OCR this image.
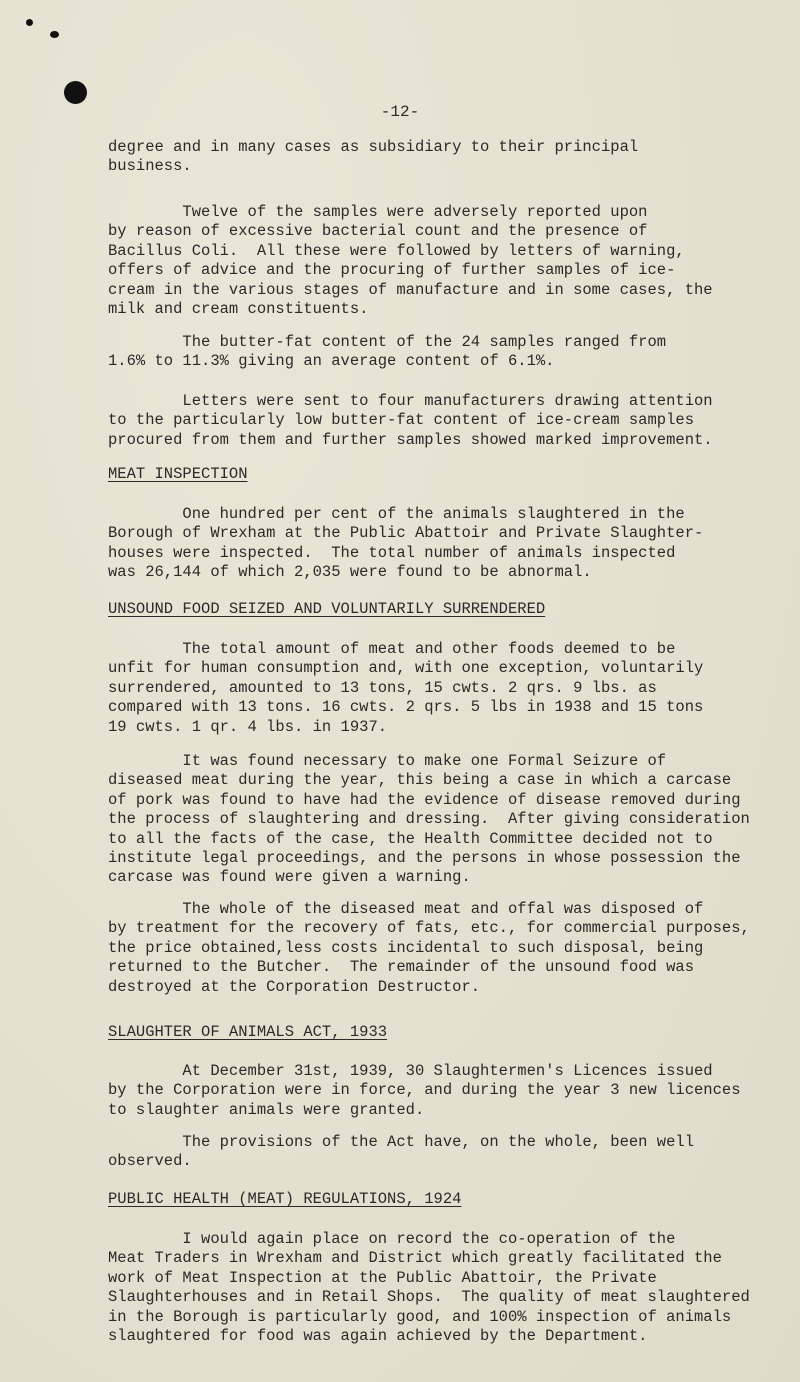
-12-
degree and in many cases as subsidiary to their principal
business.
Twelve of the samples were adversely reported upon
by reason of excessive bacterial count and the presence of
Bacillus Coli.  All these were followed by letters of warning,
offers of advice and the procuring of further samples of ice-
cream in the various stages of manufacture and in some cases, the
milk and cream constituents.
The butter-fat content of the 24 samples ranged from
1.6% to 11.3% giving an average content of 6.1%.
Letters were sent to four manufacturers drawing attention
to the particularly low butter-fat content of ice-cream samples
procured from them and further samples showed marked improvement.
MEAT INSPECTION
One hundred per cent of the animals slaughtered in the
Borough of Wrexham at the Public Abattoir and Private Slaughter-
houses were inspected.  The total number of animals inspected
was 26,144 of which 2,035 were found to be abnormal.
UNSOUND FOOD SEIZED AND VOLUNTARILY SURRENDERED
The total amount of meat and other foods deemed to be
unfit for human consumption and, with one exception, voluntarily
surrendered, amounted to 13 tons, 15 cwts. 2 qrs. 9 lbs. as
compared with 13 tons. 16 cwts. 2 qrs. 5 lbs in 1938 and 15 tons
19 cwts. 1 qr. 4 lbs. in 1937.
It was found necessary to make one Formal Seizure of
diseased meat during the year, this being a case in which a carcase
of pork was found to have had the evidence of disease removed during
the process of slaughtering and dressing.  After giving consideration
to all the facts of the case, the Health Committee decided not to
institute legal proceedings, and the persons in whose possession the
carcase was found were given a warning.
The whole of the diseased meat and offal was disposed of
by treatment for the recovery of fats, etc., for commercial purposes,
the price obtained,less costs incidental to such disposal, being
returned to the Butcher.  The remainder of the unsound food was
destroyed at the Corporation Destructor.
SLAUGHTER OF ANIMALS ACT, 1933
At December 31st, 1939, 30 Slaughtermen's Licences issued
by the Corporation were in force, and during the year 3 new licences
to slaughter animals were granted.
The provisions of the Act have, on the whole, been well
observed.
PUBLIC HEALTH (MEAT) REGULATIONS, 1924
I would again place on record the co-operation of the
Meat Traders in Wrexham and District which greatly facilitated the
work of Meat Inspection at the Public Abattoir, the Private
Slaughterhouses and in Retail Shops.  The quality of meat slaughtered
in the Borough is particularly good, and 100% inspection of animals
slaughtered for food was again achieved by the Department.
